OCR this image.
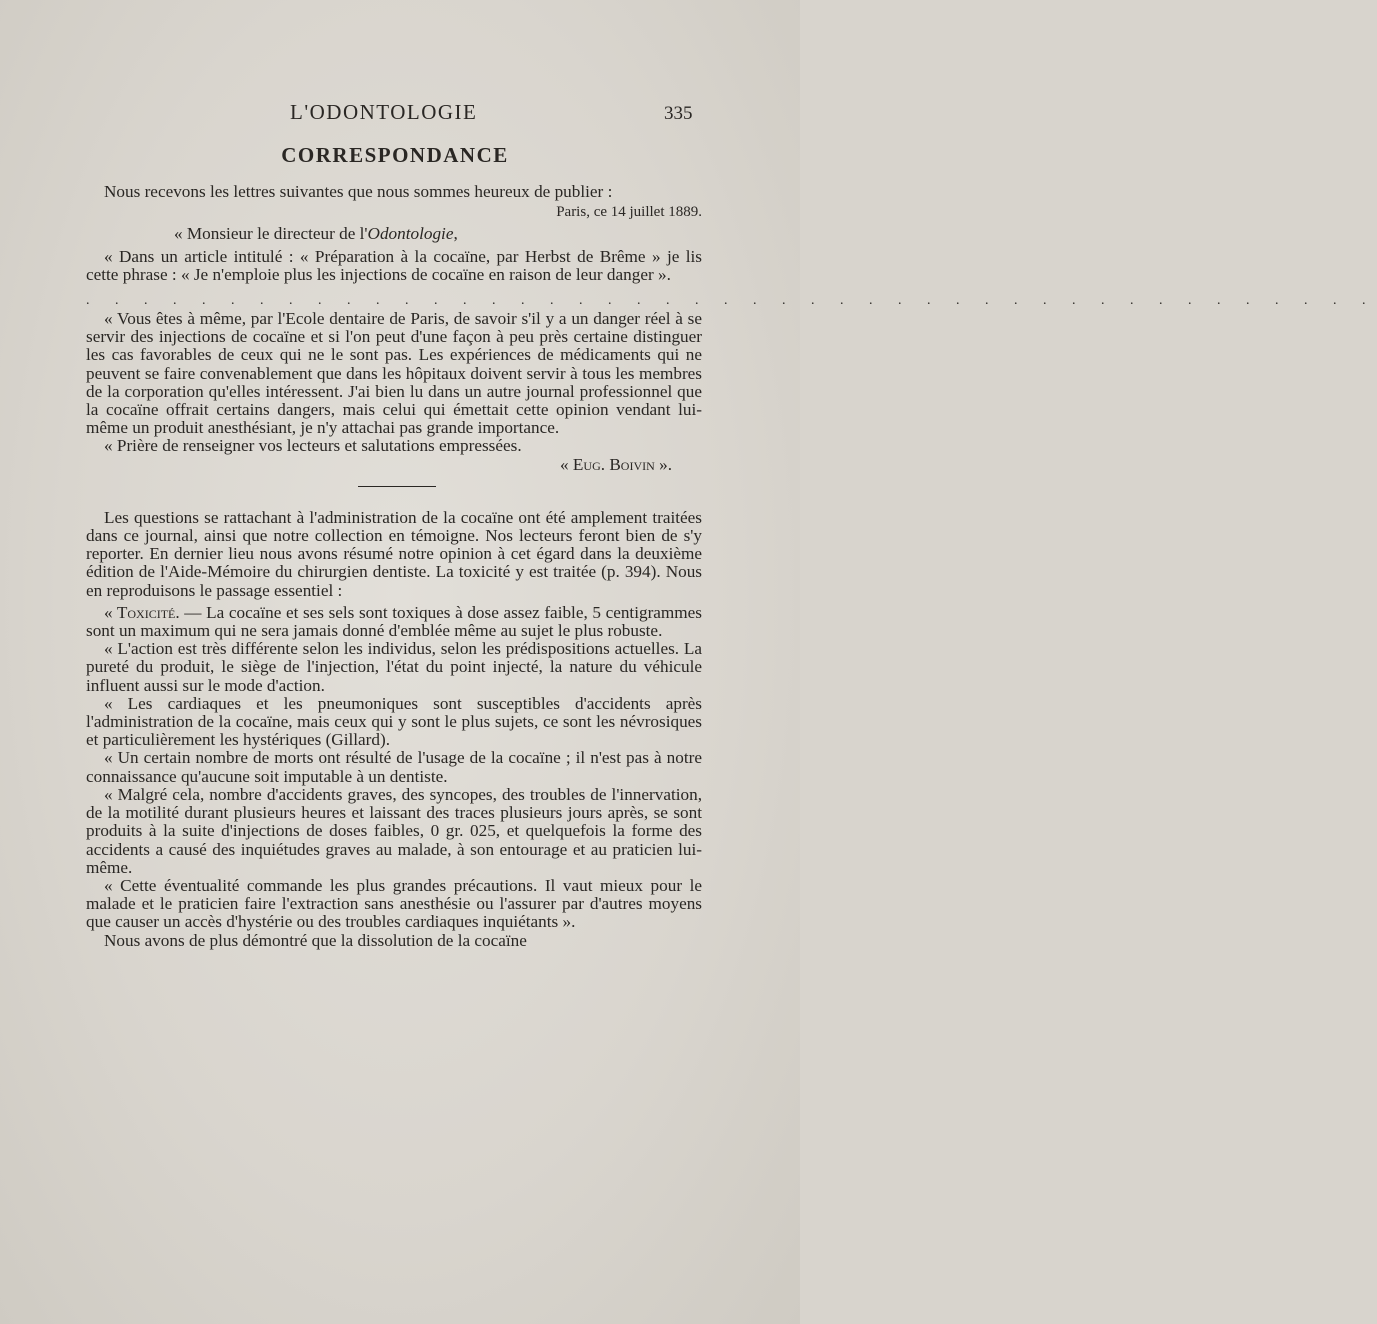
L'ODONTOLOGIE	335
CORRESPONDANCE

Nous recevons les lettres suivantes que nous sommes heureux de publier :

Paris, ce 14 juillet 1889.

« Monsieur le directeur de l'Odontologie,

« Dans un article intitulé : « Préparation à la cocaïne, par Herbst de Brême » je lis cette phrase : « Je n'emploie plus les injections de cocaïne en raison de leur danger ».

. . . . . . . . . . . . . . . . . . . . . . . . . . . . . . . . . . . . . . . . . . . . .

« Vous êtes à même, par l'Ecole dentaire de Paris, de savoir s'il y a un danger réel à se servir des injections de cocaïne et si l'on peut d'une façon à peu près certaine distinguer les cas favorables de ceux qui ne le sont pas. Les expériences de médicaments qui ne peuvent se faire convenablement que dans les hôpitaux doivent servir à tous les membres de la corporation qu'elles intéressent. J'ai bien lu dans un autre journal professionnel que la cocaïne offrait certains dangers, mais celui qui émettait cette opinion vendant lui-même un produit anesthésiant, je n'y attachai pas grande importance.

« Prière de renseigner vos lecteurs et salutations empressées.

« Eug. Boivin ».

Les questions se rattachant à l'administration de la cocaïne ont été amplement traitées dans ce journal, ainsi que notre collection en témoigne. Nos lecteurs feront bien de s'y reporter. En dernier lieu nous avons résumé notre opinion à cet égard dans la deuxième édition de l'Aide-Mémoire du chirurgien dentiste. La toxicité y est traitée (p. 394). Nous en reproduisons le passage essentiel :

« Toxicité. — La cocaïne et ses sels sont toxiques à dose assez faible, 5 centigrammes sont un maximum qui ne sera jamais donné d'emblée même au sujet le plus robuste.

« L'action est très différente selon les individus, selon les prédispositions actuelles. La pureté du produit, le siège de l'injection, l'état du point injecté, la nature du véhicule influent aussi sur le mode d'action.

« Les cardiaques et les pneumoniques sont susceptibles d'accidents après l'administration de la cocaïne, mais ceux qui y sont le plus sujets, ce sont les névrosiques et particulièrement les hystériques (Gillard).

« Un certain nombre de morts ont résulté de l'usage de la cocaïne ; il n'est pas à notre connaissance qu'aucune soit imputable à un dentiste.

« Malgré cela, nombre d'accidents graves, des syncopes, des troubles de l'innervation, de la motilité durant plusieurs heures et laissant des traces plusieurs jours après, se sont produits à la suite d'injections de doses faibles, 0 gr. 025, et quelquefois la forme des accidents a causé des inquiétudes graves au malade, à son entourage et au praticien lui-même.

« Cette éventualité commande les plus grandes précautions. Il vaut mieux pour le malade et le praticien faire l'extraction sans anesthésie ou l'assurer par d'autres moyens que causer un accès d'hystérie ou des troubles cardiaques inquiétants ».

Nous avons de plus démontré que la dissolution de la cocaïne
